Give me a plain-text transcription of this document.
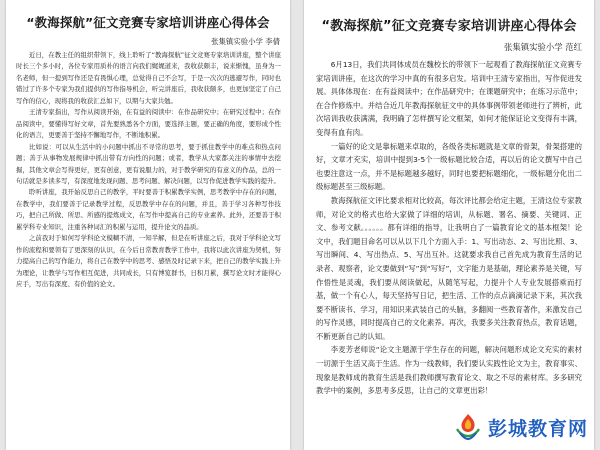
“教海探航”征文竞赛专家培训讲座心得体会
张集镇实验小学 李倩

近日，在教主任的组织带领下，线上聆听了“教海探航”征文竞赛专家培训讲座，整个讲座时长三个多小时，各位专家用质朴的语言向我们娓娓道来，我收获颇丰，说来惭愧，虽身为一名老师，但一提到写作还是有畏惧心理，总觉得自己不会写，于是一次次的逃避写作，同时也错过了许多个专家为我们提供的写作指导机会，听完讲座后，我收获颇多，也更加坚定了自己写作的信心，现将我的收获汇总如下，以期与大家共勉。

王清专家指出，写作从阅读开始，在有益的阅读中：在作品研究中；在研究过程中；在作品阅读中，要懂得写好文章，首先要熟悉各个方面，要选择主题，要正确的角度，要形成个性化的语言，更要善于坚持不懈地写作，不断地积累。

比如说：可以从生活中的小问题中抓出不寻常的思考，要于抓住教学中的难点和热点问题；善于从事物发展规律中抓出带有方向性的问题；或者，教学从大家都关注的事情中去挖掘，其他文章会写得更好，更有创意，更有说服力的，对于教学研究的有意义的作品，总的一句话就是多读多写，有深度地发现问题、思考问题、解决问题，以写作促进教学实践的提升。

聆听讲座，我开始反思自己的教学，平时要善于积累教学实例，思考教学中存在的问题，在教学中，我们要善于记录教学过程，反思教学中存在的问题，并且，善于学习各种写作技巧，把自己所做、所思、所感的提炼成文，在写作中提高自己的专业素养。此外，还要善于积累学科专业知识，注重各种词汇的积累与运用，提升论文的品质。

之前我对于如何写学科论文模糊不清，一知半解，但是在听讲座之后，我对于学科论文写作的流程和要领有了更深刻的认识，在今后日常教育教学工作中，我将以此次讲座为契机，努力提高自己的写作能力，将自己在教学中的思考、感悟及时记录下来，把自己的教学实践上升为理论，让教学与写作相互促进，共同成长，只有博览群书，日积月累，撰写论文时才能得心应手，写出有深度、有价值的论文。

“教海探航”征文竞赛专家培训讲座心得体会
张集镇实验小学 范红

6月13日，我们共同体成员在魏校长的带领下一起观看了教海探航征文竞赛专家培训讲座，在这次的学习中真的有很多启发。培训中王清专家指出，写作促进发展。具体体现在：在有益阅读中；在作品研究中；在课题研究中；在练习示范中；在合作修炼中。并结合近几年教海探航征文中的具体事例带领老师进行了辨析，此次培训我收获满满，我明确了怎样撰写论文框架，如何才能保证论文变得有丰满，变得有血有肉。

一篇好的论文是靠标题来卓取的，各级各类标题就是文章的骨架，骨架搭建的好，文章才充实，培训中提到3-5个一级标题比较合适，再以后的论文撰写中自己也要注意这一点，并不是标题越多越好，同时也要把标题细化，一级标题分化出二级标题甚至三级标题。

教海探航征文评比要求相对比较高，每次评比都会给定主题，王清这位专家教师，对论文的格式也给大家做了详细的培训，从标题、署名、摘要、关键词、正文、参考文献。。。。。。都有详细的指导，让我明白了一篇教育论文的基本框架！论文中，我们题目命名可以从以下几个方面入手：1、写出动态、2、写出比照、3、写出瞬间、4、写出热点、5、写出互补。这就要求我自己首先成为教育生活的记录者、观察者，论文要做到“写”到“写好”，文字能力是基础，理论素养是关键，写作悟性是灵魂，我们要从阅读做起，从随笔写起，力提升个人专业发展搭乘而打基，做一个有心人，每天坚持写日记，把生活、工作的点点滴滴记录下来，其次我要不断读书、学习，用知识来武装自己的头脑，多翻阅一些教育著作，来激发自己的写作灵感，同时提高自己的文化素养。再次，我要多关注教育热点，教育话题，不断更新自己的认知。

李麦芳老师说“论文主题源于学生存在的问题，解决问题形成论文充实的素材一切源于生活又高于生活。作为一线教师，我们要认实践性论文为主，教育事实、现象是教师成的教育生活是我们教师撰写教育论文、取之不尽的素材库。多多研究教学中的案例，多思考多反思，让自己的文章更出彩！

彭城教育网
